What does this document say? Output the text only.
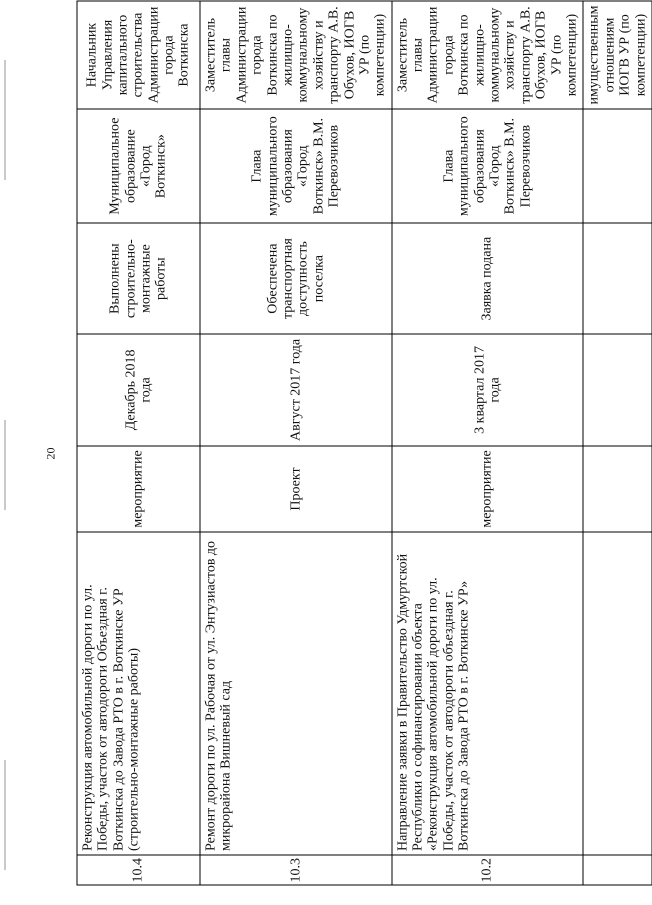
20
10.4	Реконструкция автомобильной дороги по ул. Победы, участок от автодороги Объездная г. Воткинска до Завода РТО в г. Воткинске УР (строительно-монтажные работы)	мероприятие	Декабрь 2018 года	Выполнены строительно-монтажные работы	Муниципальное образование «Город Воткинск»	Начальник Управления капитального строительства Администрации города Воткинска
10.3	Ремонт дороги по ул. Рабочая от ул. Энтузиастов до микрорайона Вишневый сад	Проект	Август 2017 года	Обеспечена транспортная доступность поселка	Глава муниципального образования «Город Воткинск» В.М. Перевозчиков	Заместитель главы Администрации города Воткинска по жилищно-коммунальному хозяйству и транспорту А.В. Обухов, ИОГВ УР (по компетенции)
10.2	Направление заявки в Правительство Удмуртской Республики о софинансировании объекта «Реконструкция автомобильной дороги по ул. Победы, участок от автодороги объездная г. Воткинска до Завода РТО в г. Воткинске УР»	мероприятие	3 квартал 2017 года	Заявка подана	Глава муниципального образования «Город Воткинск» В.М. Перевозчиков	Заместитель главы Администрации города Воткинска по жилищно-коммунальному хозяйству и транспорту А.В. Обухов, ИОГВ УР (по компетенции)
						имущественным отношениям ИОГВ УР (по компетенции)
